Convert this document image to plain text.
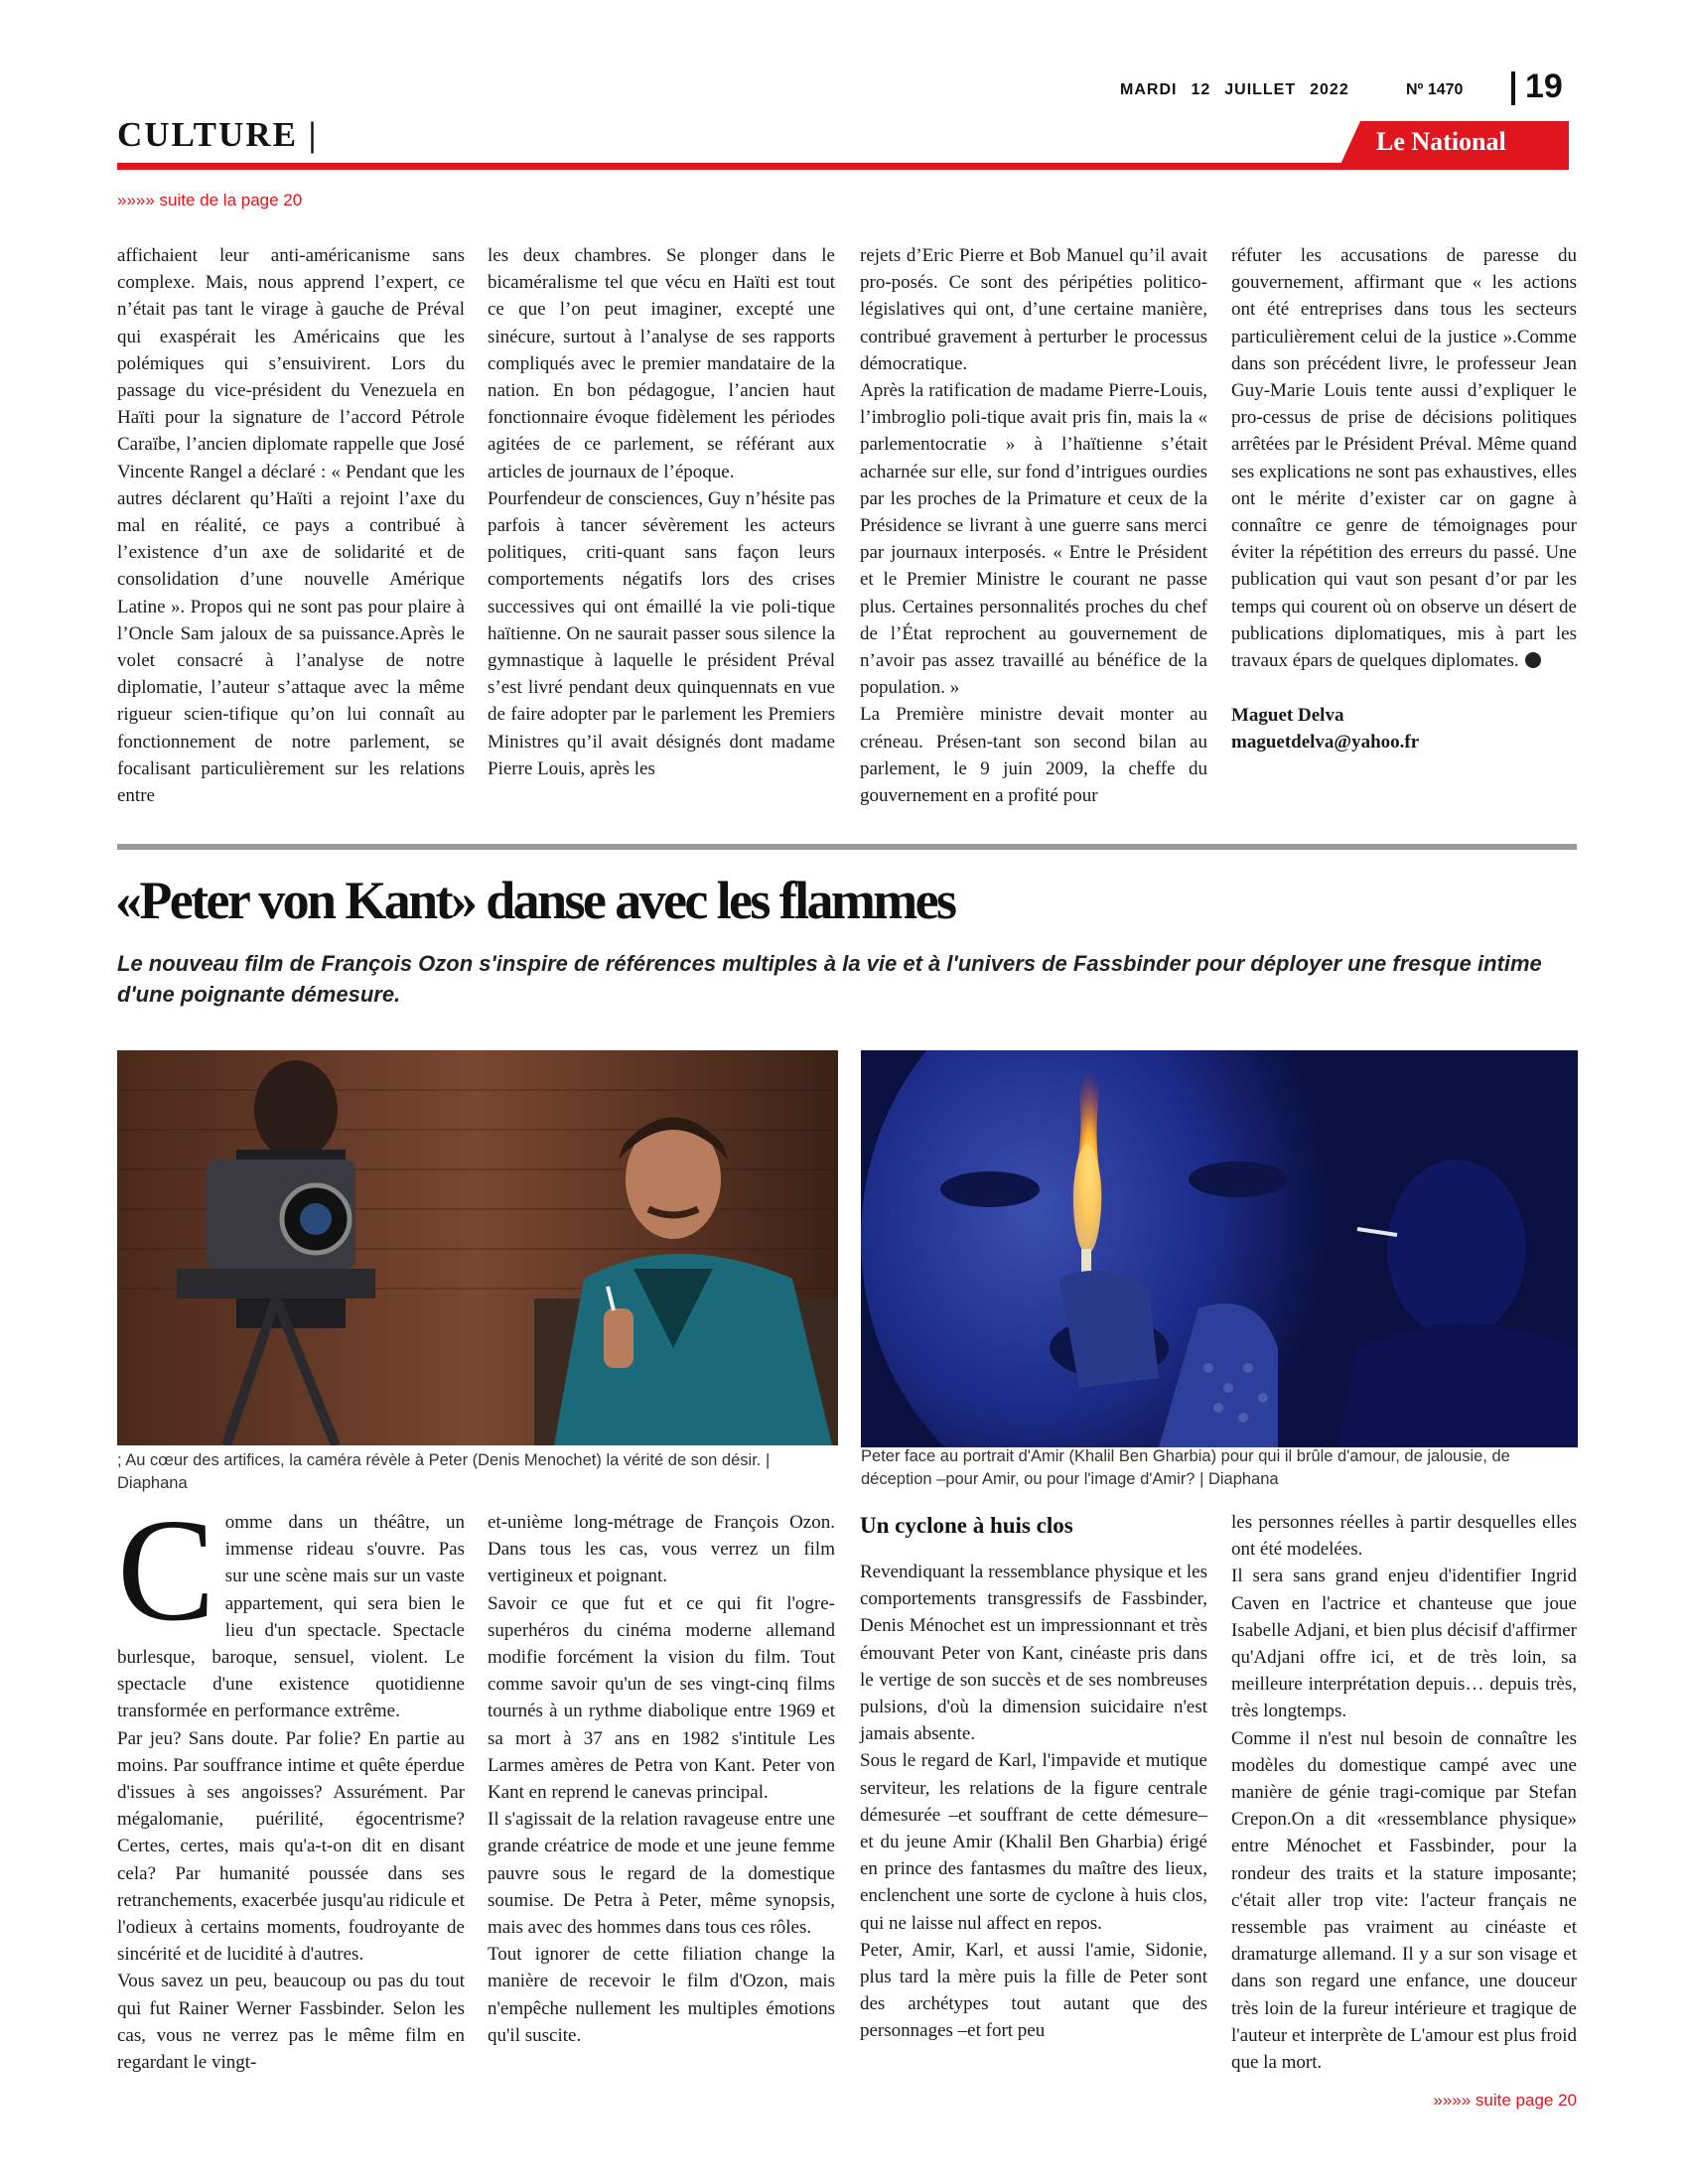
MARDI 12 JUILLET 2022	Nº 1470 19
CULTURE |	Le National
»»»» suite de la page 20

affichaient leur anti-américanisme sans complexe. Mais, nous apprend l’expert, ce n’était pas tant le virage à gauche de Préval qui exaspérait les Américains que les polémiques qui s’ensuivirent. Lors du passage du vice-président du Venezuela en Haïti pour la signature de l’accord Pétrole Caraïbe, l’ancien diplomate rappelle que José Vincente Rangel a déclaré : « Pendant que les autres déclarent qu’Haïti a rejoint l’axe du mal en réalité, ce pays a contribué à l’existence d’un axe de solidarité et de consolidation d’une nouvelle Amérique Latine ». Propos qui ne sont pas pour plaire à l’Oncle Sam jaloux de sa puissance.Après le volet consacré à l’analyse de notre diplomatie, l’auteur s’attaque avec la même rigueur scien-tifique qu’on lui connaît au fonctionnement de notre parlement, se focalisant particulièrement sur les relations entre

les deux chambres. Se plonger dans le bicaméralisme tel que vécu en Haïti est tout ce que l’on peut imaginer, excepté une sinécure, surtout à l’analyse de ses rapports compliqués avec le premier mandataire de la nation. En bon pédagogue, l’ancien haut fonctionnaire évoque fidèlement les périodes agitées de ce parlement, se référant aux articles de journaux de l’époque.

Pourfendeur de consciences, Guy n’hésite pas parfois à tancer sévèrement les acteurs politiques, criti-quant sans façon leurs comportements négatifs lors des crises successives qui ont émaillé la vie poli-tique haïtienne. On ne saurait passer sous silence la gymnastique à laquelle le président Préval s’est livré pendant deux quinquennats en vue de faire adopter par le parlement les Premiers Ministres qu’il avait désignés dont madame Pierre Louis, après les

rejets d’Eric Pierre et Bob Manuel qu’il avait pro-posés. Ce sont des péripéties politico-législatives qui ont, d’une certaine manière, contribué gravement à perturber le processus démocratique.

Après la ratification de madame Pierre-Louis, l’imbroglio poli-tique avait pris fin, mais la « parlementocratie » à l’haïtienne s’était acharnée sur elle, sur fond d’intrigues ourdies par les proches de la Primature et ceux de la Présidence se livrant à une guerre sans merci par journaux interposés. « Entre le Président et le Premier Ministre le courant ne passe plus. Certaines personnalités proches du chef de l’État reprochent au gouvernement de n’avoir pas assez travaillé au bénéfice de la population. »

La Première ministre devait monter au créneau. Présen-tant son second bilan au parlement, le 9 juin 2009, la cheffe du gouvernement en a profité pour

réfuter les accusations de paresse du gouvernement, affirmant que « les actions ont été entreprises dans tous les secteurs particulièrement celui de la justice ».Comme dans son précédent livre, le professeur Jean Guy-Marie Louis tente aussi d’expliquer le pro-cessus de prise de décisions politiques arrêtées par le Président Préval. Même quand ses explications ne sont pas exhaustives, elles ont le mérite d’exister car on gagne à connaître ce genre de témoignages pour éviter la répétition des erreurs du passé. Une publication qui vaut son pesant d’or par les temps qui courent où on observe un désert de publications diplomatiques, mis à part les travaux épars de quelques diplomates.

Maguet Delva
maguetdelva@yahoo.fr
«Peter von Kant» danse avec les flammes
Le nouveau film de François Ozon s'inspire de références multiples à la vie et à l'univers de Fassbinder pour déployer une fresque intime d'une poignante démesure.
; Au cœur des artifices, la caméra révèle à Peter (Denis Menochet) la vérité de son désir. | Diaphana
Peter face au portrait d'Amir (Khalil Ben Gharbia) pour qui il brûle d'amour, de jalousie, de déception –pour Amir, ou pour l'image d'Amir? | Diaphana
C omme dans un théâtre, un immense rideau s'ouvre. Pas sur une scène mais sur un vaste appartement, qui sera bien le lieu d'un spectacle. Spectacle burlesque, baroque, sensuel, violent. Le spectacle d'une existence quotidienne transformée en performance extrême.

Par jeu? Sans doute. Par folie? En partie au moins. Par souffrance intime et quête éperdue d'issues à ses angoisses? Assurément. Par mégalomanie, puérilité, égocentrisme? Certes, certes, mais qu'a-t-on dit en disant cela? Par humanité poussée dans ses retranchements, exacerbée jusqu'au ridicule et l'odieux à certains moments, foudroyante de sincérité et de lucidité à d'autres.

Vous savez un peu, beaucoup ou pas du tout qui fut Rainer Werner Fassbinder. Selon les cas, vous ne verrez pas le même film en regardant le vingt-

et-unième long-métrage de François Ozon. Dans tous les cas, vous verrez un film vertigineux et poignant.

Savoir ce que fut et ce qui fit l'ogre-superhéros du cinéma moderne allemand modifie forcément la vision du film. Tout comme savoir qu'un de ses vingt-cinq films tournés à un rythme diabolique entre 1969 et sa mort à 37 ans en 1982 s'intitule Les Larmes amères de Petra von Kant. Peter von Kant en reprend le canevas principal.

Il s'agissait de la relation ravageuse entre une grande créatrice de mode et une jeune femme pauvre sous le regard de la domestique soumise. De Petra à Peter, même synopsis, mais avec des hommes dans tous ces rôles.

Tout ignorer de cette filiation change la manière de recevoir le film d'Ozon, mais n'empêche nullement les multiples émotions qu'il suscite.

Un cyclone à huis clos

Revendiquant la ressemblance physique et les comportements transgressifs de Fassbinder, Denis Ménochet est un impressionnant et très émouvant Peter von Kant, cinéaste pris dans le vertige de son succès et de ses nombreuses pulsions, d'où la dimension suicidaire n'est jamais absente.

Sous le regard de Karl, l'impavide et mutique serviteur, les relations de la figure centrale démesurée –et souffrant de cette démesure– et du jeune Amir (Khalil Ben Gharbia) érigé en prince des fantasmes du maître des lieux, enclenchent une sorte de cyclone à huis clos, qui ne laisse nul affect en repos.

Peter, Amir, Karl, et aussi l'amie, Sidonie, plus tard la mère puis la fille de Peter sont des archétypes tout autant que des personnages –et fort peu

les personnes réelles à partir desquelles elles ont été modelées.

Il sera sans grand enjeu d'identifier Ingrid Caven en l'actrice et chanteuse que joue Isabelle Adjani, et bien plus décisif d'affirmer qu'Adjani offre ici, et de très loin, sa meilleure interprétation depuis… depuis très, très longtemps.

Comme il n'est nul besoin de connaître les modèles du domestique campé avec une manière de génie tragi-comique par Stefan Crepon.On a dit «ressemblance physique» entre Ménochet et Fassbinder, pour la rondeur des traits et la stature imposante; c'était aller trop vite: l'acteur français ne ressemble pas vraiment au cinéaste et dramaturge allemand. Il y a sur son visage et dans son regard une enfance, une douceur très loin de la fureur intérieure et tragique de l'auteur et interprète de L'amour est plus froid que la mort.

»»»» suite page 20
